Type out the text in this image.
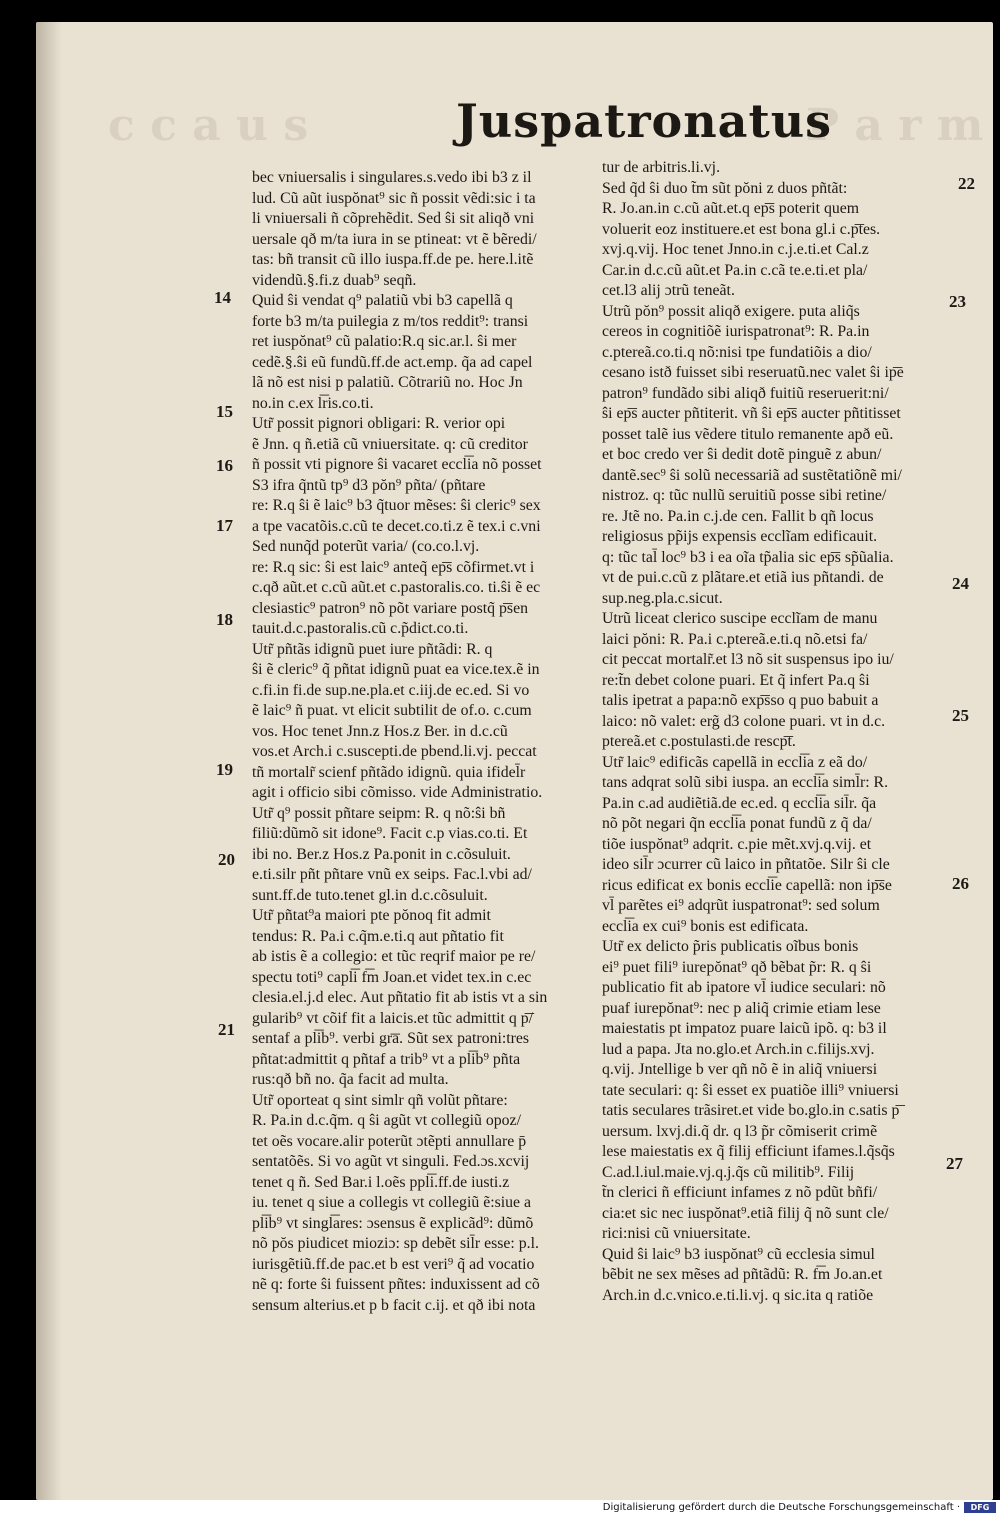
c c a u s	P a r m
Juspatronatus
bec vniuersalis i singulares.s.vedo ibi b3 z il
lud. Cũ aũt iuspŏnat⁹ sic ñ possit vẽdi:sic i ta
li vniuersali ñ cõprehẽdit. Sed ŝi sit aliqð vni
uersale qð m/ta iura in se ptineat: vt ẽ bẽredi/
tas: bñ transit cũ illo iuspa.ff.de pe. here.l.itẽ
videndũ.§.fi.z duab⁹ seqñ.
Quid ŝi vendat q⁹ palatiũ vbi b3 capellã q
forte b3 m/ta puilegia z m/tos reddit⁹: transi
ret iuspŏnat⁹ cũ palatio:R.q sic.ar.l. ŝi mer
cedẽ.§.ŝi eũ fundũ.ff.de act.emp. q̃a ad capel
lã nõ est nisi p palatiũ. Cõtrariũ no. Hoc Jn
no.in c.ex l͞ris.co.ti.
Utr̃ possit pignori obligari: R. verior opi
ẽ Jnn. q ñ.etiã cũ vniuersitate. q: cũ creditor
ñ possit vti pignore ŝi vacaret eccl͞ia nõ posset
S3 ifra q̃ntũ tp⁹ d3 pŏn⁹ pñta/ (pñtare
re: R.q ŝi ẽ laic⁹ b3 q̃tuor mẽses: ŝi cleric⁹ sex
a tpe vacatõis.c.cũ te decet.co.ti.z ẽ tex.i c.vni
Sed nunq̃d poterũt varia/ (co.co.l.vj.
re: R.q sic: ŝi est laic⁹ anteq̃ ep͞s cõfirmet.vt i
c.qð aũt.et c.cũ aũt.et c.pastoralis.co. ti.ŝi ẽ ec
clesiastic⁹ patron⁹ nõ põt variare postq̃ p͞sen
tauit.d.c.pastoralis.cũ c.p̃dict.co.ti.
Utr̃ pñtãs idignũ puet iure pñtãdi: R. q
ŝi ẽ cleric⁹ q̃ pñtat idignũ puat ea vice.tex.ẽ in
c.fi.in fi.de sup.ne.pla.et c.iij.de ec.ed. Si vo
ẽ laic⁹ ñ puat. vt elicit subtilit de of.o. c.cum
vos. Hoc tenet Jnn.z Hos.z Ber. in d.c.cũ
vos.et Arch.i c.suscepti.de pbend.li.vj. peccat
tñ mortalr̃ scienf pñtãdo idignũ. quia ifidel̄r
agit i officio sibi cõmisso. vide Administratio.
Utr̃ q⁹ possit pñtare seipm: R. q nõ:ŝi bñ
filiũ:dũmõ sit idone⁹. Facit c.p vias.co.ti. Et
ibi no. Ber.z Hos.z Pa.ponit in c.cõsuluit.
e.ti.silr pñt pñtare vnũ ex seips. Fac.l.vbi ad/
sunt.ff.de tuto.tenet gl.in d.c.cõsuluit.
Utr̃ pñtat⁹a maiori pte pŏnoq fit admit
tendus: R. Pa.i c.q̃m.e.ti.q aut pñtatio fit
ab istis ẽ a collegio: et tũc reqrif maior pe re/
spectu toti⁹ capl͞i f͞m Joan.et videt tex.in c.ec
clesia.el.j.d elec. Aut pñtatio fit ab istis vt a sin
gularib⁹ vt cõif fit a laicis.et tũc admittit q p͞/
sentaf a pl͞ib⁹. verbi gr͞a. Sũt sex patroni:tres
pñtat:admittit q pñtaf a trib⁹ vt a pl͞ib⁹ pñta
rus:qð bñ no. q̃a facit ad multa.
Utr̃ oporteat q sint simlr qñ volũt pñtare:
R. Pa.in d.c.q̃m. q ŝi agũt vt collegiũ opoz/
tet oẽs vocare.alir poterũt ɔtẽpti annullare p̄
sentatõẽs. Si vo agũt vt singuli. Fed.ɔs.xcvij
tenet q ñ. Sed Bar.i l.oẽs ppl͞i.ff.de iusti.z
iu. tenet q siue a collegis vt collegiũ ẽ:siue a
pl͞ib⁹ vt singl͞ares: ɔsensus ẽ explicãd⁹: dũmõ
nõ pŏs piudicet mioziɔ: sp debẽt sil̄r esse: p.l.
iurisgẽtiũ.ff.de pac.et b est veri⁹ q̃ ad vocatio
nẽ q: forte ŝi fuissent pñtes: induxissent ad cõ
sensum alterius.et p b facit c.ij. et qð ibi nota
tur de arbitris.li.vj.
Sed q̃d ŝi duo t̃m sũt pŏni z duos pñtãt:
R. Jo.an.in c.cũ aũt.et.q ep͞s poterit quem
voluerit eoz instituere.et est bona gl.i c.p͞tes.
xvj.q.vij. Hoc tenet Jnno.in c.j.e.ti.et Cal.z
Car.in d.c.cũ aũt.et Pa.in c.cã te.e.ti.et pla/
cet.l3 alij ɔtrũ teneãt.
Utrũ pŏn⁹ possit aliqð exigere. puta aliq̃s
cereos in cognitiõẽ iurispatronat⁹: R. Pa.in
c.ptereã.co.ti.q nõ:nisi tpe fundatiõis a dio/
cesano istð fuisset sibi reseruatũ.nec valet ŝi ip͞e
patron⁹ fundãdo sibi aliqð fuitiũ reseruerit:ni/
ŝi ep͞s aucter pñtiterit. vñ ŝi ep͞s aucter pñtitisset
posset talẽ ius vẽdere titulo remanente apð eũ.
et boc credo ver ŝi dedit dotẽ pinguẽ z abun/
dantẽ.sec⁹ ŝi solũ necessariã ad sustẽtatiõnẽ mi/
nistroz. q: tũc nullũ seruitiũ posse sibi retine/
re. Jtẽ no. Pa.in c.j.de cen. Fallit b qñ locus
religiosus pp̃ijs expensis ecclĩam edificauit.
q: tũc tal̄ loc⁹ b3 i ea oĩa tp̃alia sic ep͞s sp̃ũalia.
vt de pui.c.cũ z plãtare.et etiã ius pñtandi. de
sup.neg.pla.c.sicut.
Utrũ liceat clerico suscipe ecclĩam de manu
laici pŏni: R. Pa.i c.ptereã.e.ti.q nõ.etsi fa/
cit peccat mortalr̃.et l3 nõ sit suspensus ipo iu/
re:t̃n debet colone puari. Et q̃ infert Pa.q ŝi
talis ipetrat a papa:nõ exp͞sso q puo babuit a
laico: nõ valet: erg̃ d3 colone puari. vt in d.c.
ptereã.et c.postulasti.de rescp͞t.
Utr̃ laic⁹ edificãs capellã in eccl͞ia z eã do/
tans adqrat solũ sibi iuspa. an eccl͞ia siml̄r: R.
Pa.in c.ad audiẽtiã.de ec.ed. q eccl͞ia sil̄r. q̃a
nõ põt negari q̃n eccl͞ia ponat fundũ z q̃ da/
tiõe iuspŏnat⁹ adqrit. c.pie mẽt.xvj.q.vij. et
ideo sil̄r ɔcurrer cũ laico in pñtatõe. Silr ŝi cle
ricus edificat ex bonis eccl͞ie capellã: non ip͞se
vl̄ parẽtes ei⁹ adqrũt iuspatronat⁹: sed solum
eccl͞ia ex cui⁹ bonis est edificata.
Utr̃ ex delicto p̃ris publicatis oĩbus bonis
ei⁹ puet fili⁹ iurepŏnat⁹ qð bẽbat p̃r: R. q ŝi
publicatio fit ab ipatore vl̄ iudice seculari: nõ
puaf iurepŏnat⁹: nec p aliq̃ crimie etiam lese
maiestatis pt impatoz puare laicũ ipõ. q: b3 il
lud a papa. Jta no.glo.et Arch.in c.filijs.xvj.
q.vij. Jntellige b ver qñ nõ ẽ in aliq̃ vniuersi
tate seculari: q: ŝi esset ex puatiõe illi⁹ vniuersi
tatis seculares trãsiret.et vide bo.glo.in c.satis p͞
uersum. lxvj.di.q̃ dr. q l3 p̃r cõmiserit crimẽ
lese maiestatis ex q̃ filij efficiunt ifames.l.q̃sq̃s
C.ad.l.iul.maie.vj.q.j.q̃s cũ militib⁹. Filij
t̃n clerici ñ efficiunt infames z nõ pdũt bñfi/
cia:et sic nec iuspŏnat⁹.etiã filij q̃ nõ sunt cle/
rici:nisi cũ vniuersitate.
Quid ŝi laic⁹ b3 iuspŏnat⁹ cũ ecclesia simul
bẽbit ne sex mẽses ad pñtãdũ: R. f͞m Jo.an.et
Arch.in d.c.vnico.e.ti.li.vj. q sic.ita q ratiõe
14
15
16
17
18
19
20
21
22
23
24
25
26
27
Digitalisierung gefördert durch die Deutsche Forschungsgemeinschaft ·	DFG
